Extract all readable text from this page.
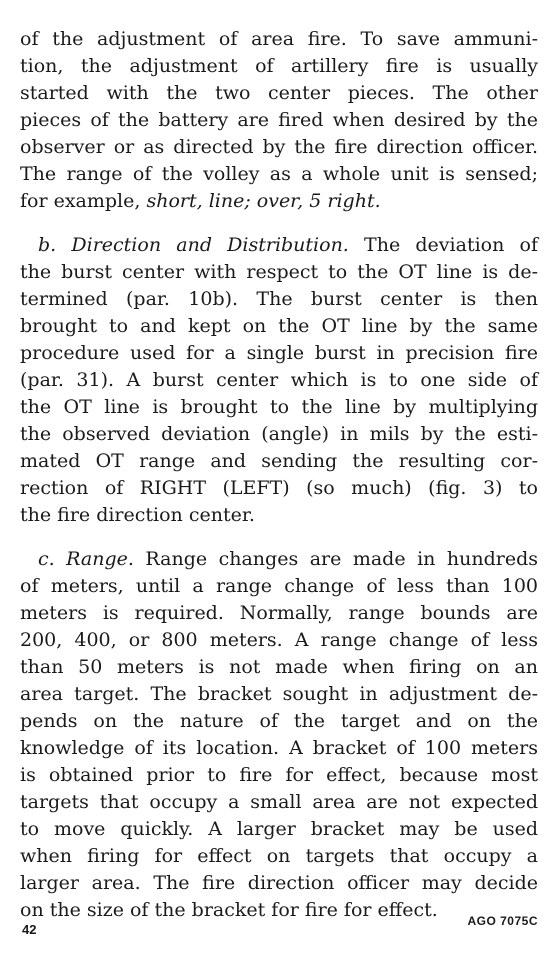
of the adjustment of area fire. To save ammuni-
tion, the adjustment of artillery fire is usually
started with the two center pieces. The other
pieces of the battery are fired when desired by the
observer or as directed by the fire direction officer.
The range of the volley as a whole unit is sensed;
for example, short, line; over, 5 right.
b. Direction and Distribution. The deviation of
the burst center with respect to the OT line is de-
termined (par. 10b). The burst center is then
brought to and kept on the OT line by the same
procedure used for a single burst in precision fire
(par. 31). A burst center which is to one side of
the OT line is brought to the line by multiplying
the observed deviation (angle) in mils by the esti-
mated OT range and sending the resulting cor-
rection of RIGHT (LEFT) (so much) (fig. 3) to
the fire direction center.
c. Range. Range changes are made in hundreds
of meters, until a range change of less than 100
meters is required. Normally, range bounds are
200, 400, or 800 meters. A range change of less
than 50 meters is not made when firing on an
area target. The bracket sought in adjustment de-
pends on the nature of the target and on the
knowledge of its location. A bracket of 100 meters
is obtained prior to fire for effect, because most
targets that occupy a small area are not expected
to move quickly. A larger bracket may be used
when firing for effect on targets that occupy a
larger area. The fire direction officer may decide
on the size of the bracket for fire for effect.
42
AGO 7075C
